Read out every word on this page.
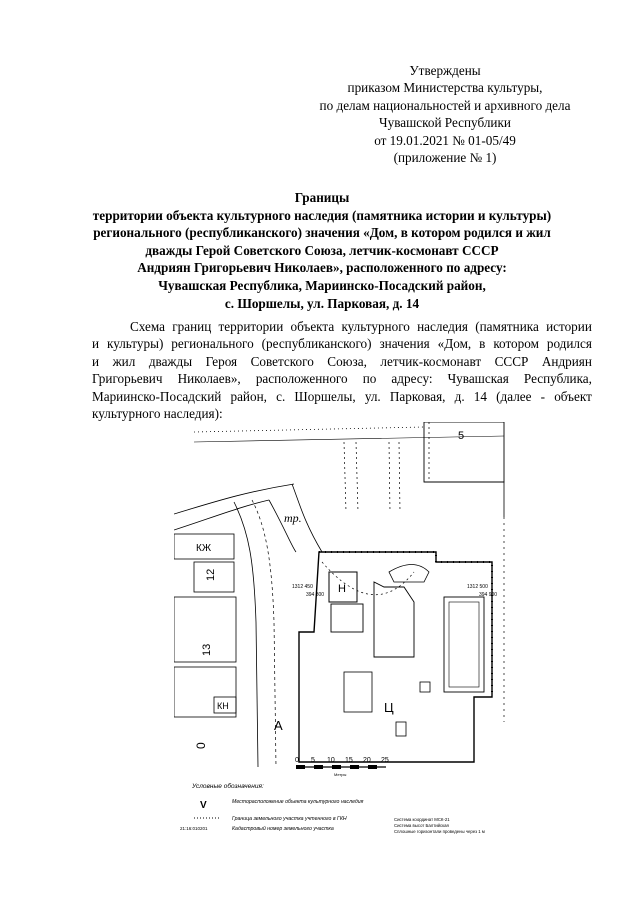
Утверждены
приказом Министерства культуры,
по делам национальностей и архивного дела
Чувашской Республики
от 19.01.2021 № 01-05/49
(приложение № 1)
Границы
территории объекта культурного наследия (памятника истории и культуры)
регионального (республиканского) значения «Дом, в котором родился и жил
дважды Герой Советского Союза, летчик-космонавт СССР
Андриян Григорьевич Николаев», расположенного по адресу:
Чувашская Республика, Мариинско-Посадский район,
с. Шоршелы, ул. Парковая, д. 14
Схема границ территории объекта культурного наследия (памятника истории
и культуры) регионального (республиканского) значения «Дом, в котором родился
и жил дважды Героя Советского Союза, летчик-космонавт СССР Андриян
Григорьевич Николаев», расположенного по адресу: Чувашская Республика,
Мариинско-Посадский район, с. Шоршелы, ул. Парковая, д. 14 (далее - объект
культурного наследия):
5
тр.
КЖ
12
13
КН
0
А
Н
Ц
1312 450
394 300
1312 500
394 900
0 5 10 15 20 25
Метры
Условные обозначения:
V	Месторасположение объекта культурного наследия
Граница земельного участка учтенного в ГКН
21:16:010201	Кадастровый номер земельного участка
Система координат МСК-21
Система высот Балтийская
Сплошные горизонтали проведены через 1 м
